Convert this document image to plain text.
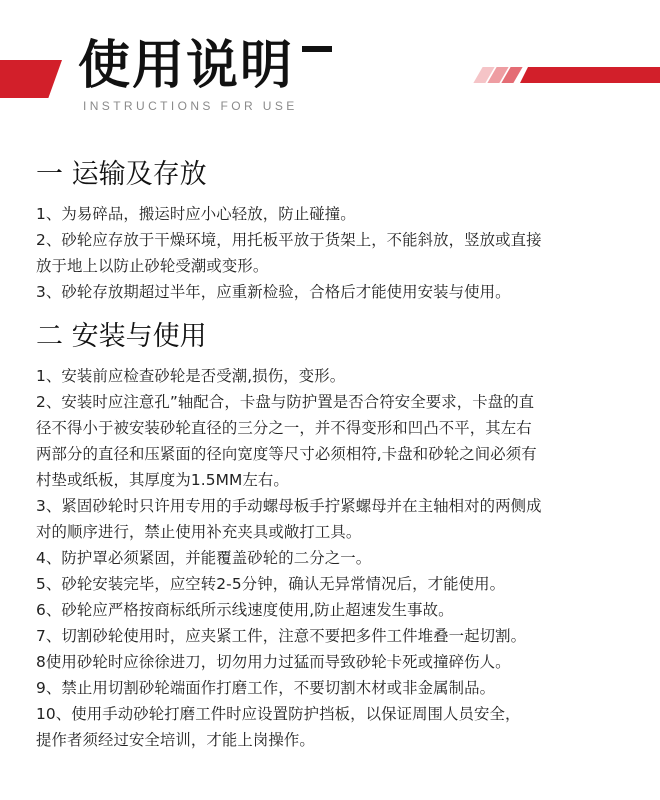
使用说明
INSTRUCTIONS FOR USE
一 运输及存放
1、为易碎品，搬运时应小心轻放，防止碰撞。
2、砂轮应存放于干燥环境，用托板平放于货架上，不能斜放，竖放或直接
放于地上以防止砂轮受潮或变形。
3、砂轮存放期超过半年，应重新检验，合格后才能使用安装与使用。
二 安装与使用
1、安装前应检查砂轮是否受潮,损伤，变形。
2、安装时应注意孔”轴配合，卡盘与防护置是否合符安全要求，卡盘的直
径不得小于被安装砂轮直径的三分之一，并不得变形和凹凸不平，其左右
两部分的直径和压紧面的径向宽度等尺寸必须相符,卡盘和砂轮之间必须有
村垫或纸板，其厚度为1.5MM左右。
3、紧固砂轮时只许用专用的手动螺母板手拧紧螺母并在主轴相对的两侧成
对的顺序进行，禁止使用补充夹具或敞打工具。
4、防护罩必须紧固，并能覆盖砂轮的二分之一。
5、砂轮安装完毕，应空转2-5分钟，确认无异常情况后，才能使用。
6、砂轮应严格按商标纸所示线速度使用,防止超速发生事故。
7、切割砂轮使用时，应夹紧工件，注意不要把多件工件堆叠一起切割。
8使用砂轮时应徐徐进刀，切勿用力过猛而导致砂轮卡死或撞碎伤人。
9、禁止用切割砂轮端面作打磨工作，不要切割木材或非金属制品。
10、使用手动砂轮打磨工件时应设置防护挡板，以保证周围人员安全，
提作者须经过安全培训，才能上岗操作。
